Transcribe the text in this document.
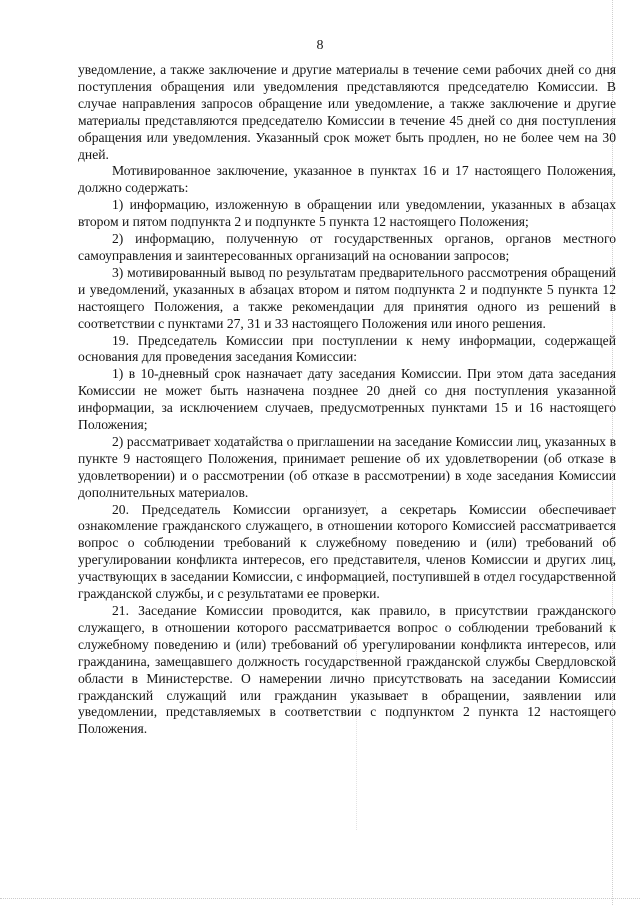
8

уведомление, а также заключение и другие материалы в течение семи рабочих дней со дня поступления обращения или уведомления представляются председателю Комиссии. В случае направления запросов обращение или уведомление, а также заключение и другие материалы представляются председателю Комиссии в течение 45 дней со дня поступления обращения или уведомления. Указанный срок может быть продлен, но не более чем на 30 дней.

Мотивированное заключение, указанное в пунктах 16 и 17 настоящего Положения, должно содержать:

1) информацию, изложенную в обращении или уведомлении, указанных в абзацах втором и пятом подпункта 2 и подпункте 5 пункта 12 настоящего Положения;

2) информацию, полученную от государственных органов, органов местного самоуправления и заинтересованных организаций на основании запросов;

3) мотивированный вывод по результатам предварительного рассмотрения обращений и уведомлений, указанных в абзацах втором и пятом подпункта 2 и подпункте 5 пункта 12 настоящего Положения, а также рекомендации для принятия одного из решений в соответствии с пунктами 27, 31 и 33 настоящего Положения или иного решения.

19. Председатель Комиссии при поступлении к нему информации, содержащей основания для проведения заседания Комиссии:

1) в 10-дневный срок назначает дату заседания Комиссии. При этом дата заседания Комиссии не может быть назначена позднее 20 дней со дня поступления указанной информации, за исключением случаев, предусмотренных пунктами 15 и 16 настоящего Положения;

2) рассматривает ходатайства о приглашении на заседание Комиссии лиц, указанных в пункте 9 настоящего Положения, принимает решение об их удовлетворении (об отказе в удовлетворении) и о рассмотрении (об отказе в рассмотрении) в ходе заседания Комиссии дополнительных материалов.

20. Председатель Комиссии организует, а секретарь Комиссии обеспечивает ознакомление гражданского служащего, в отношении которого Комиссией рассматривается вопрос о соблюдении требований к служебному поведению и (или) требований об урегулировании конфликта интересов, его представителя, членов Комиссии и других лиц, участвующих в заседании Комиссии, с информацией, поступившей в отдел государственной гражданской службы, и с результатами ее проверки.

21. Заседание Комиссии проводится, как правило, в присутствии гражданского служащего, в отношении которого рассматривается вопрос о соблюдении требований к служебному поведению и (или) требований об урегулировании конфликта интересов, или гражданина, замещавшего должность государственной гражданской службы Свердловской области в Министерстве. О намерении лично присутствовать на заседании Комиссии гражданский служащий или гражданин указывает в обращении, заявлении или уведомлении, представляемых в соответствии с подпунктом 2 пункта 12 настоящего Положения.
